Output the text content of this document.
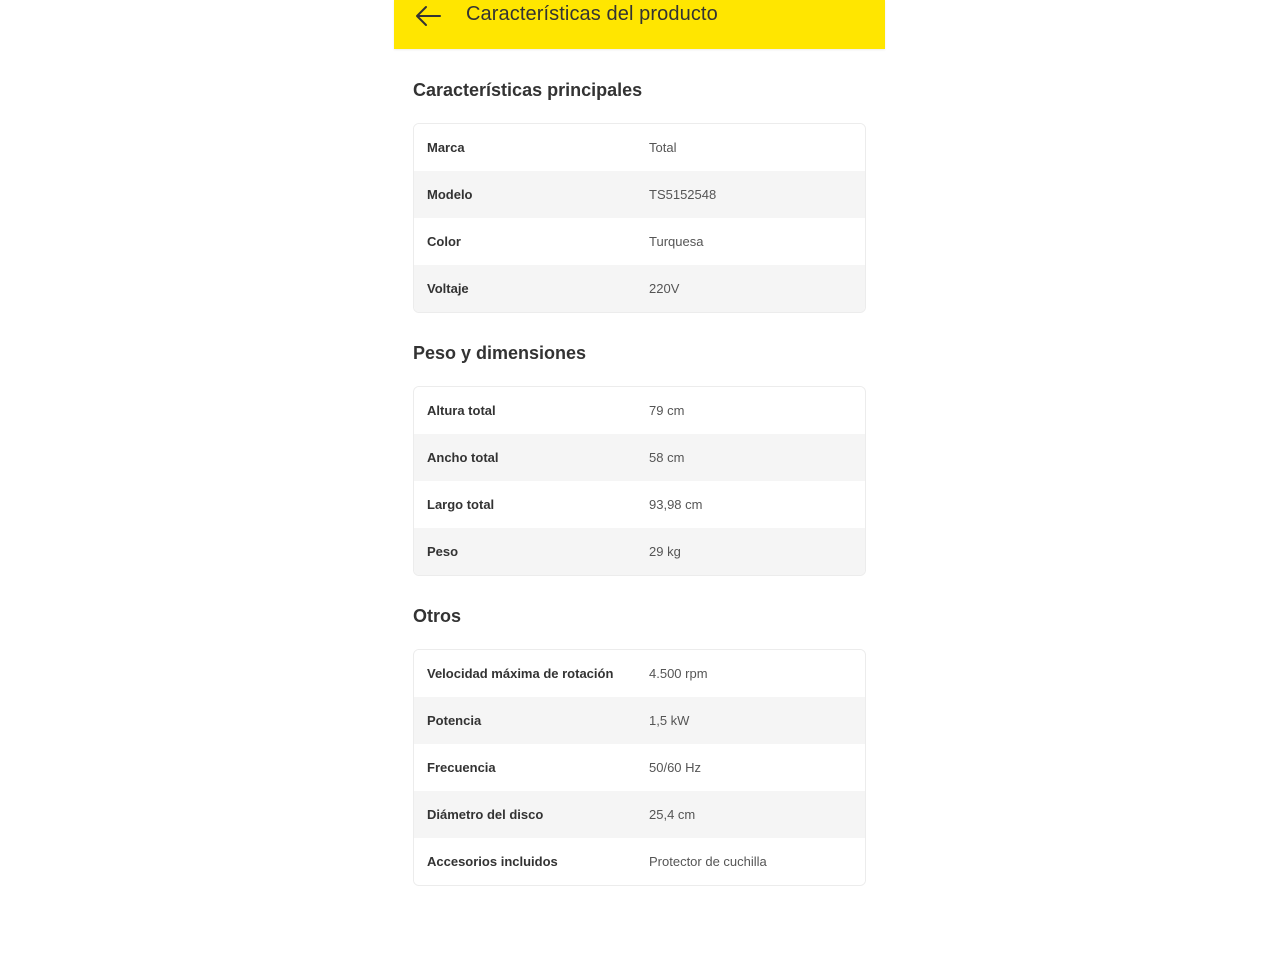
Características del producto
Características principales
Marca	Total
Modelo	TS5152548
Color	Turquesa
Voltaje	220V
Peso y dimensiones
Altura total	79 cm
Ancho total	58 cm
Largo total	93,98 cm
Peso	29 kg
Otros
Velocidad máxima de rotación	4.500 rpm
Potencia	1,5 kW
Frecuencia	50/60 Hz
Diámetro del disco	25,4 cm
Accesorios incluidos	Protector de cuchilla
